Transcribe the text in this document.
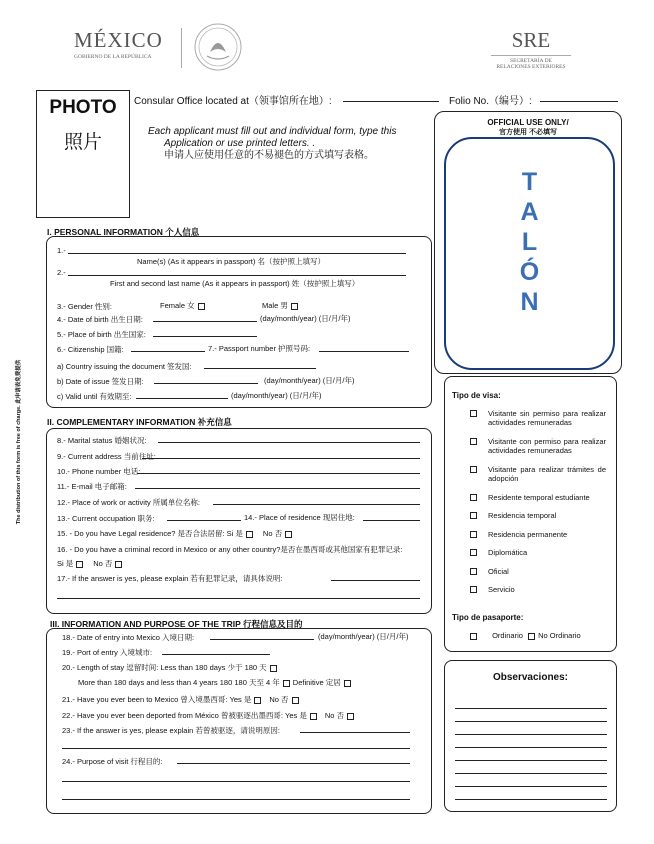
MÉXICO
GOBIERNO DE LA REPÚBLICA
SRE
SECRETARÍA DE
RELACIONES EXTERIORES
PHOTO
照片
Consular Office located at（领事馆所在地）:	Folio No.（编号）:
Each applicant must fill out and individual form, type this
Application or use printed letters. .
申请人应使用任意的不易褪色的方式填写表格。
OFFICIAL USE ONLY/
官方使用 不必填写
T
A
L
Ó
N
The distribution of this form is free of charge. 此申请表免费提供
I. PERSONAL INFORMATION 个人信息
1.-
Name(s) (As it appears in passport) 名（按护照上填写）
2.-
First and second last name (As it appears in passport) 姓（按护照上填写）
3.- Gender 性别:	Female 女	Male 男
4.- Date of birth 出生日期:	(day/month/year) (日/月/年)
5.- Place of birth 出生国家:
6.- Citizenship 国籍:	7.- Passport number 护照号码:
a) Country issuing the document 签发国:
b) Date of issue 签发日期:	(day/month/year) (日/月/年)
c) Valid until 有效期至:	(day/month/year) (日/月/年)
II. COMPLEMENTARY INFORMATION 补充信息
8.- Marital status 婚姻状况:
9.- Current address 当前住址:
10.- Phone number 电话:
11.- E-mail 电子邮箱:
12.- Place of work or activity 所属单位名称:
13.- Current occupation 职务:	14.- Place of residence 现居住地:
15. - Do you have Legal residence? 是否合法居留: Si 是	No 否
16. - Do you have a criminal record in Mexico or any other country?是否在墨西哥或其他国家有犯罪记录:
Si 是	No 否
17.- If the answer is yes, please explain 若有犯罪记录，请具体说明:
III. INFORMATION AND PURPOSE OF THE TRIP 行程信息及目的
18.- Date of entry into Mexico 入境日期:	(day/month/year) (日/月/年)
19.- Port of entry 入境城市:
20.- Length of stay 逗留时间: Less than 180 days 少于 180 天
More than 180 days and less than 4 years 180 180 天至 4 年 Definitive 定居
21.- Have you ever been to Mexico 曾入境墨西哥: Yes 是 No 否
22.- Have you ever been deported from México 曾被驱逐出墨西哥: Yes 是 No 否
23.- If the answer is yes, please explain 若曾被驱逐，请说明原因:
24.- Purpose of visit 行程目的:
Tipo de visa:
Visitante sin permiso para realizar actividades remuneradas
Visitante con permiso para realizar actividades remuneradas
Visitante para realizar trámites de adopción
Residente temporal estudiante
Residencia temporal
Residencia permanente
Diplomática
Oficial
Servicio
Tipo de pasaporte:
Ordinario No Ordinario
Observaciones:
